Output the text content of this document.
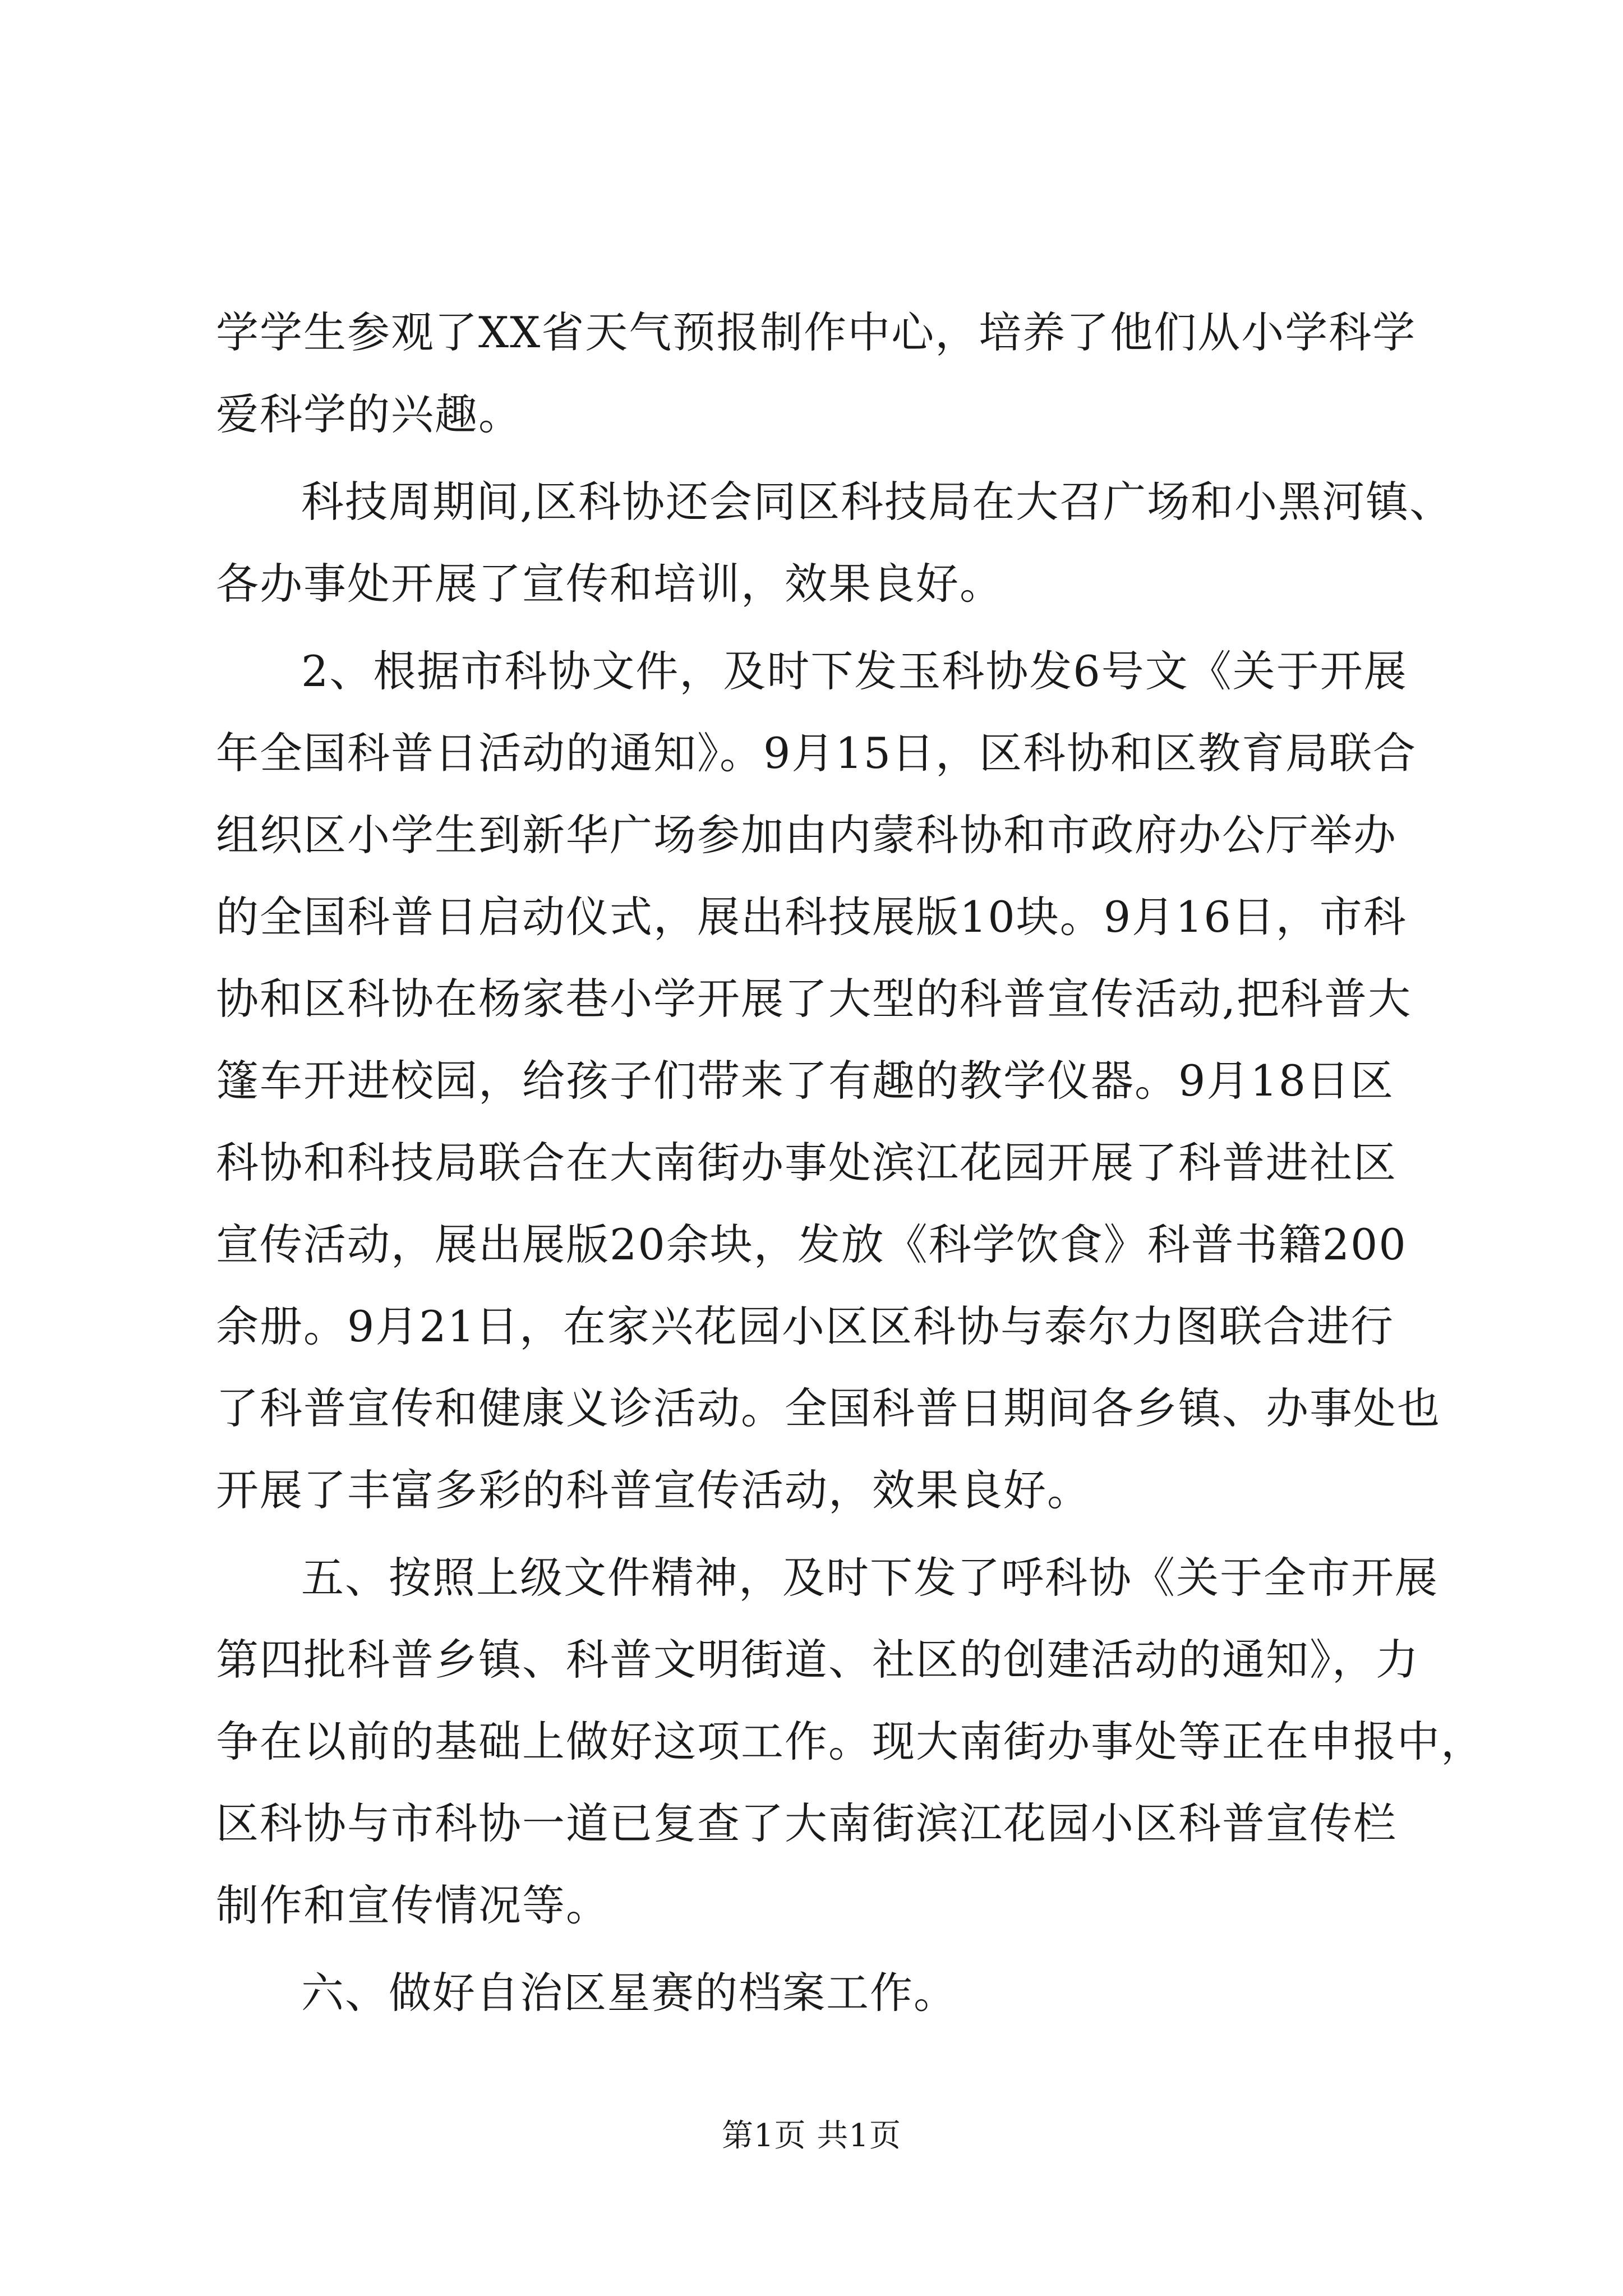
学学生参观了XX省天气预报制作中心，培养了他们从小学科学
爱科学的兴趣。
科技周期间,区科协还会同区科技局在大召广场和小黑河镇、
各办事处开展了宣传和培训，效果良好。
2、根据市科协文件，及时下发玉科协发6号文《关于开展
年全国科普日活动的通知》。9月15日，区科协和区教育局联合
组织区小学生到新华广场参加由内蒙科协和市政府办公厅举办
的全国科普日启动仪式，展出科技展版10块。9月16日，市科
协和区科协在杨家巷小学开展了大型的科普宣传活动,把科普大
篷车开进校园，给孩子们带来了有趣的教学仪器。9月18日区
科协和科技局联合在大南街办事处滨江花园开展了科普进社区
宣传活动，展出展版20余块，发放《科学饮食》科普书籍200
余册。9月21日，在家兴花园小区区科协与泰尔力图联合进行
了科普宣传和健康义诊活动。全国科普日期间各乡镇、办事处也
开展了丰富多彩的科普宣传活动，效果良好。
五、按照上级文件精神，及时下发了呼科协《关于全市开展
第四批科普乡镇、科普文明街道、社区的创建活动的通知》，力
争在以前的基础上做好这项工作。现大南街办事处等正在申报中，
区科协与市科协一道已复查了大南街滨江花园小区科普宣传栏
制作和宣传情况等。
六、做好自治区星赛的档案工作。
第1页 共1页
